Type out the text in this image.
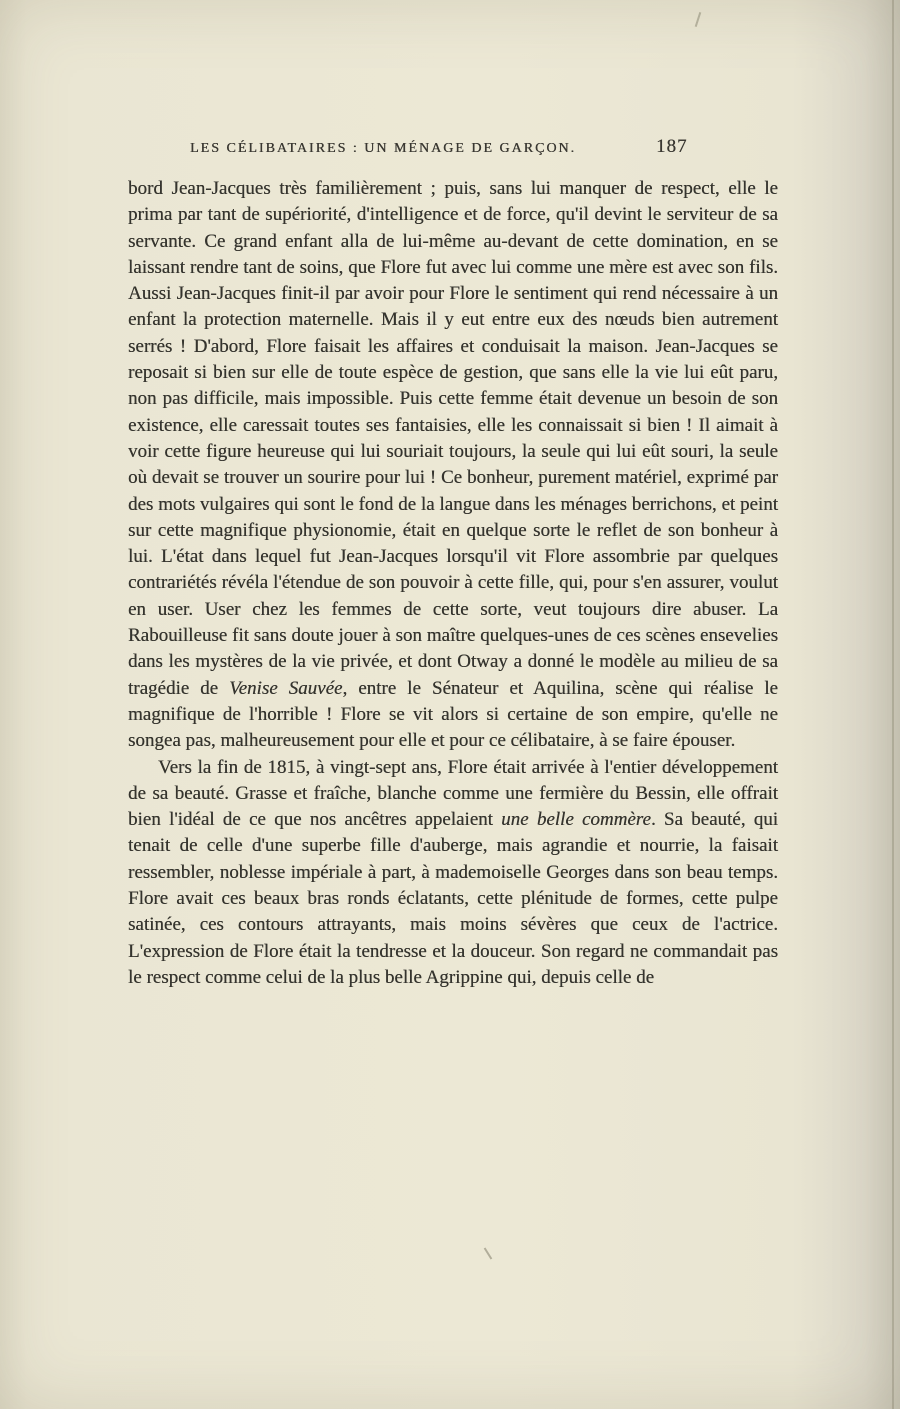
LES CÉLIBATAIRES : UN MÉNAGE DE GARÇON.	187

bord Jean-Jacques très familièrement ; puis, sans lui manquer de respect, elle le prima par tant de supériorité, d'intelligence et de force, qu'il devint le serviteur de sa servante. Ce grand enfant alla de lui-même au-devant de cette domination, en se laissant rendre tant de soins, que Flore fut avec lui comme une mère est avec son fils. Aussi Jean-Jacques finit-il par avoir pour Flore le sentiment qui rend nécessaire à un enfant la protection maternelle. Mais il y eut entre eux des nœuds bien autrement serrés ! D'abord, Flore faisait les affaires et conduisait la maison. Jean-Jacques se reposait si bien sur elle de toute espèce de gestion, que sans elle la vie lui eût paru, non pas difficile, mais impossible. Puis cette femme était devenue un besoin de son existence, elle caressait toutes ses fantaisies, elle les connaissait si bien ! Il aimait à voir cette figure heureuse qui lui souriait toujours, la seule qui lui eût souri, la seule où devait se trouver un sourire pour lui ! Ce bonheur, purement matériel, exprimé par des mots vulgaires qui sont le fond de la langue dans les ménages berrichons, et peint sur cette magnifique physionomie, était en quelque sorte le reflet de son bonheur à lui. L'état dans lequel fut Jean-Jacques lorsqu'il vit Flore assombrie par quelques contrariétés révéla l'étendue de son pouvoir à cette fille, qui, pour s'en assurer, voulut en user. User chez les femmes de cette sorte, veut toujours dire abuser. La Rabouilleuse fit sans doute jouer à son maître quelques-unes de ces scènes ensevelies dans les mystères de la vie privée, et dont Otway a donné le modèle au milieu de sa tragédie de Venise Sauvée, entre le Sénateur et Aquilina, scène qui réalise le magnifique de l'horrible ! Flore se vit alors si certaine de son empire, qu'elle ne songea pas, malheureusement pour elle et pour ce célibataire, à se faire épouser.

Vers la fin de 1815, à vingt-sept ans, Flore était arrivée à l'entier développement de sa beauté. Grasse et fraîche, blanche comme une fermière du Bessin, elle offrait bien l'idéal de ce que nos ancêtres appelaient une belle commère. Sa beauté, qui tenait de celle d'une superbe fille d'auberge, mais agrandie et nourrie, la faisait ressembler, noblesse impériale à part, à mademoiselle Georges dans son beau temps. Flore avait ces beaux bras ronds éclatants, cette plénitude de formes, cette pulpe satinée, ces contours attrayants, mais moins sévères que ceux de l'actrice. L'expression de Flore était la tendresse et la douceur. Son regard ne commandait pas le respect comme celui de la plus belle Agrippine qui, depuis celle de
